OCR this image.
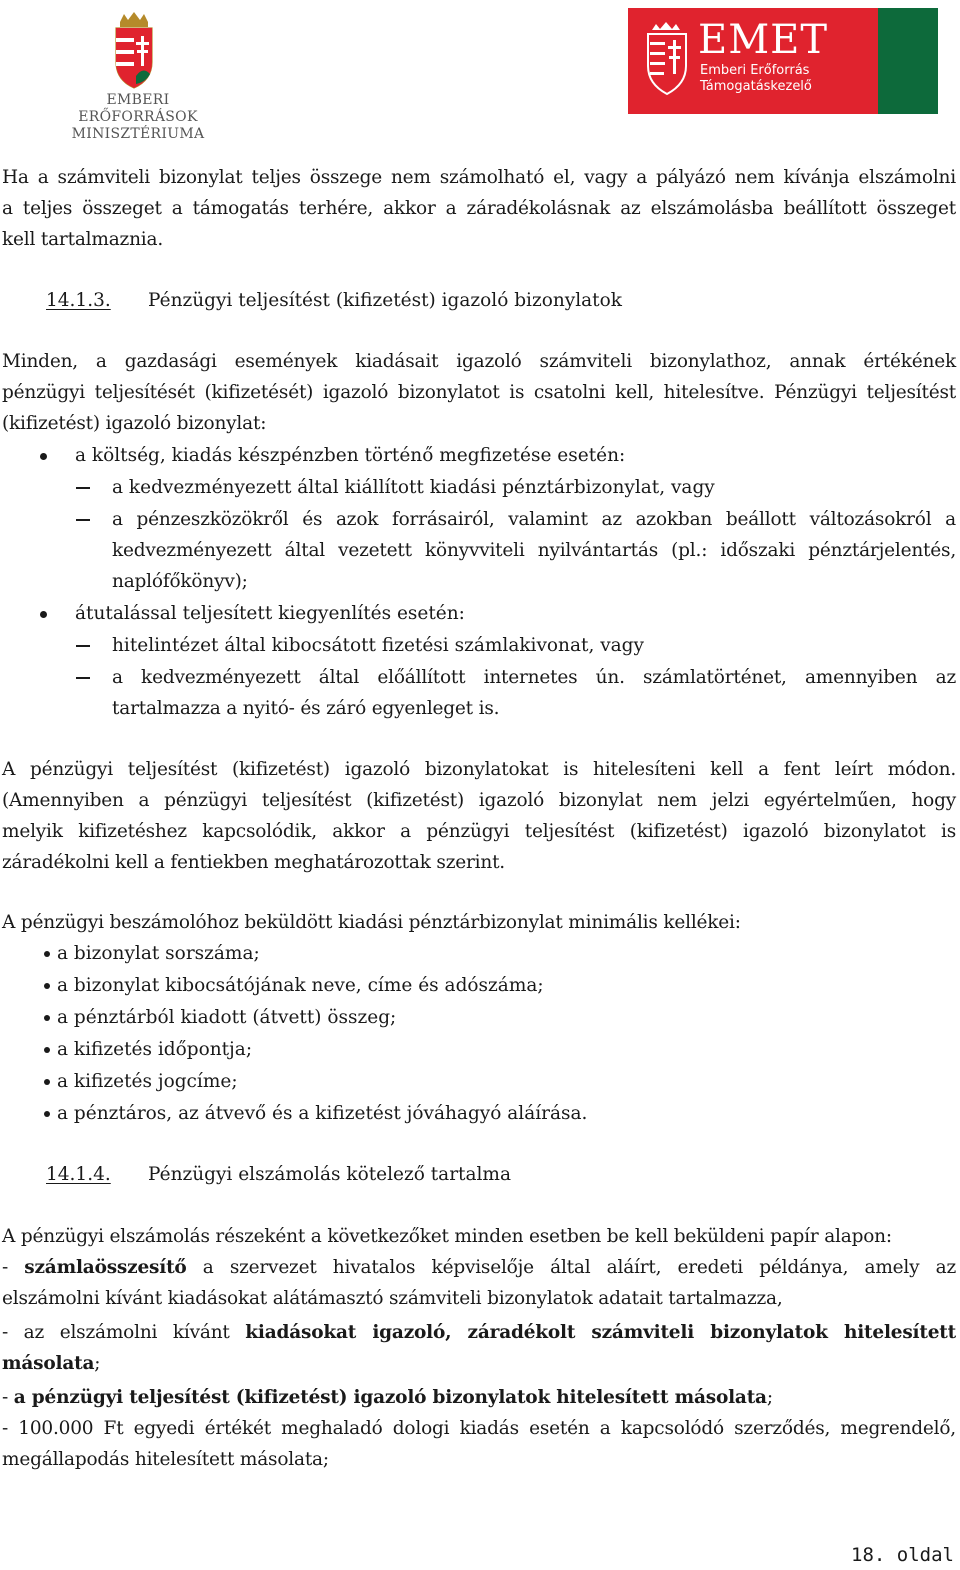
EMBERI ERŐFORRÁSOK
MINISZTÉRIUMA
EMET
Emberi Erőforrás
Támogatáskezelő
Ha a számviteli bizonylat teljes összege nem számolható el, vagy a pályázó nem kívánja elszámolni
a teljes összeget a támogatás terhére, akkor a záradékolásnak az elszámolásba beállított összeget
kell tartalmaznia.
14.1.3. Pénzügyi teljesítést (kifizetést) igazoló bizonylatok
Minden, a gazdasági események kiadásait igazoló számviteli bizonylathoz, annak értékének
pénzügyi teljesítését (kifizetését) igazoló bizonylatot is csatolni kell, hitelesítve. Pénzügyi teljesítést
(kifizetést) igazoló bizonylat:
a költség, kiadás készpénzben történő megfizetése esetén:
a kedvezményezett által kiállított kiadási pénztárbizonylat, vagy
a pénzeszközökről és azok forrásairól, valamint az azokban beállott változásokról a
kedvezményezett által vezetett könyvviteli nyilvántartás (pl.: időszaki pénztárjelentés,
naplófőkönyv);
átutalással teljesített kiegyenlítés esetén:
hitelintézet által kibocsátott fizetési számlakivonat, vagy
a kedvezményezett által előállított internetes ún. számlatörténet, amennyiben az
tartalmazza a nyitó- és záró egyenleget is.
A pénzügyi teljesítést (kifizetést) igazoló bizonylatokat is hitelesíteni kell a fent leírt módon.
(Amennyiben a pénzügyi teljesítést (kifizetést) igazoló bizonylat nem jelzi egyértelműen, hogy
melyik kifizetéshez kapcsolódik, akkor a pénzügyi teljesítést (kifizetést) igazoló bizonylatot is
záradékolni kell a fentiekben meghatározottak szerint.
A pénzügyi beszámolóhoz beküldött kiadási pénztárbizonylat minimális kellékei:
a bizonylat sorszáma;
a bizonylat kibocsátójának neve, címe és adószáma;
a pénztárból kiadott (átvett) összeg;
a kifizetés időpontja;
a kifizetés jogcíme;
a pénztáros, az átvevő és a kifizetést jóváhagyó aláírása.
14.1.4. Pénzügyi elszámolás kötelező tartalma
A pénzügyi elszámolás részeként a következőket minden esetben be kell beküldeni papír alapon:
- számlaösszesítő a szervezet hivatalos képviselője által aláírt, eredeti példánya, amely az
elszámolni kívánt kiadásokat alátámasztó számviteli bizonylatok adatait tartalmazza,
- az elszámolni kívánt kiadásokat igazoló, záradékolt számviteli bizonylatok hitelesített
másolata;
- a pénzügyi teljesítést (kifizetést) igazoló bizonylatok hitelesített másolata;
- 100.000 Ft egyedi értékét meghaladó dologi kiadás esetén a kapcsolódó szerződés, megrendelő,
megállapodás hitelesített másolata;
18. oldal
